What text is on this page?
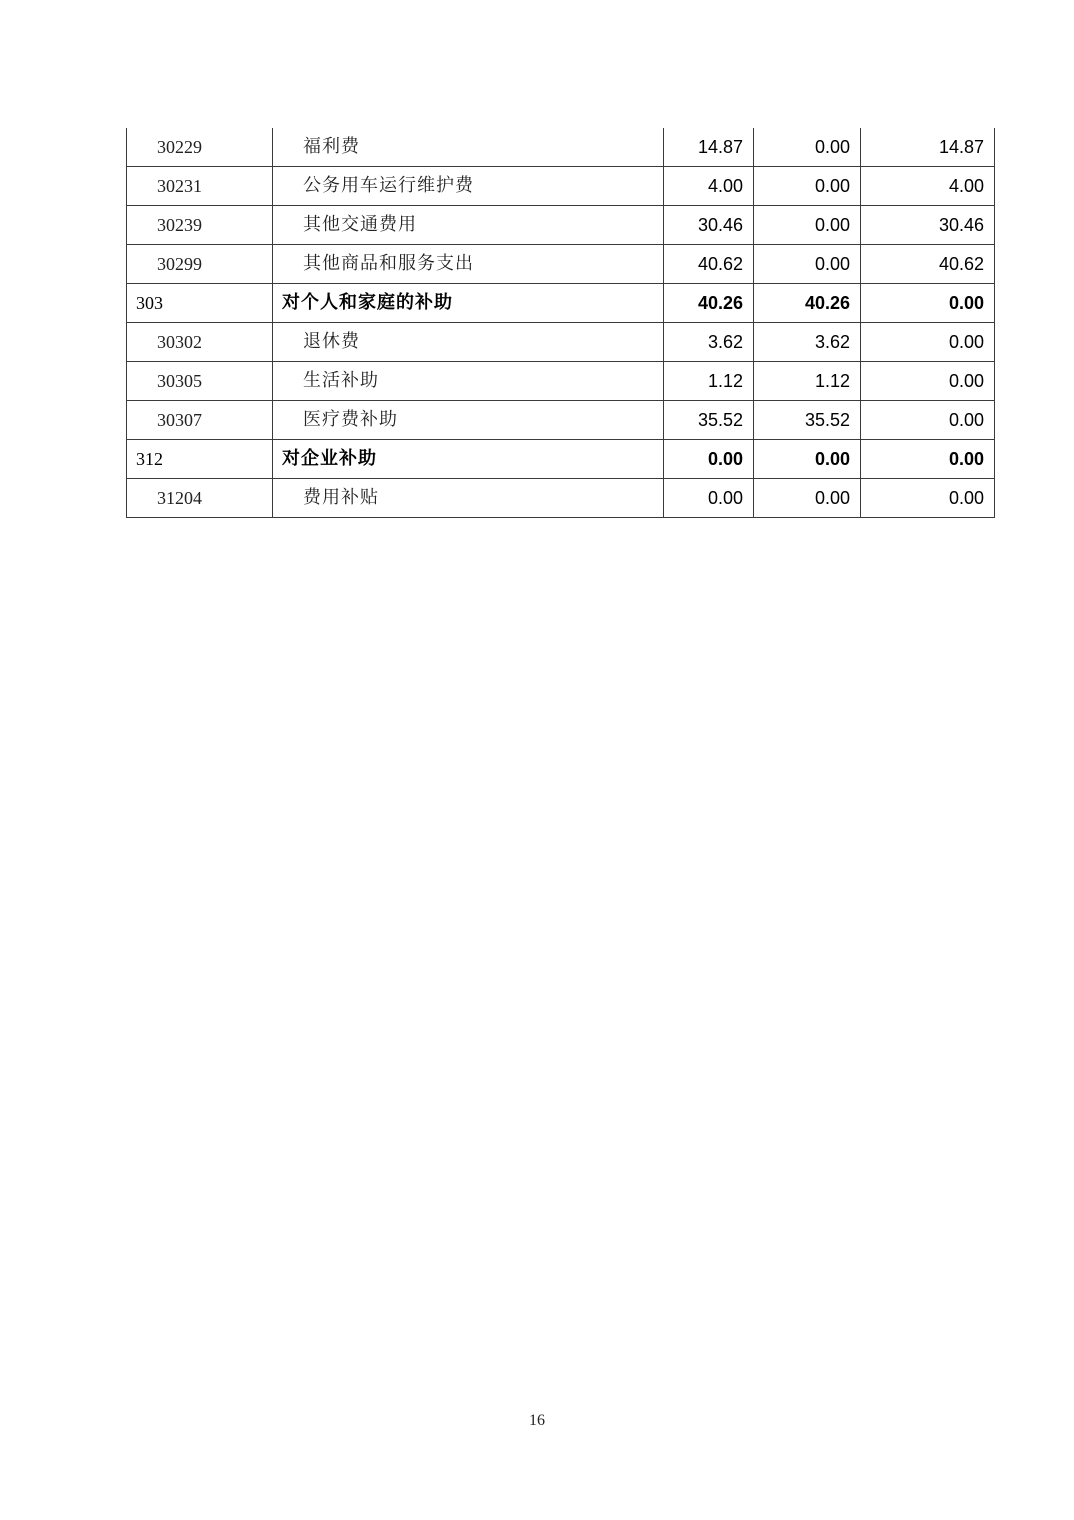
30229	福利费	14.87	0.00	14.87
30231	公务用车运行维护费	4.00	0.00	4.00
30239	其他交通费用	30.46	0.00	30.46
30299	其他商品和服务支出	40.62	0.00	40.62
303	对个人和家庭的补助	40.26	40.26	0.00
30302	退休费	3.62	3.62	0.00
30305	生活补助	1.12	1.12	0.00
30307	医疗费补助	35.52	35.52	0.00
312	对企业补助	0.00	0.00	0.00
31204	费用补贴	0.00	0.00	0.00
16
